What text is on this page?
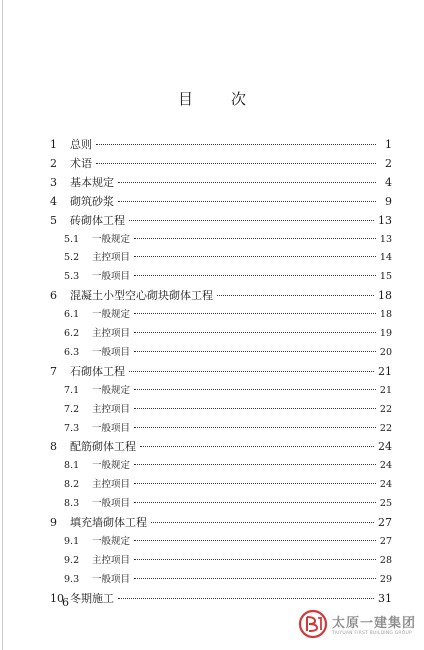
目	次
1	总则	1
2	术语	2
3	基本规定	4
4	砌筑砂浆	9
5	砖砌体工程	13
5.1	一般规定	13
5.2	主控项目	14
5.3	一般项目	15
6	混凝土小型空心砌块砌体工程	18
6.1	一般规定	18
6.2	主控项目	19
6.3	一般项目	20
7	石砌体工程	21
7.1	一般规定	21
7.2	主控项目	22
7.3	一般项目	22
8	配筋砌体工程	24
8.1	一般规定	24
8.2	主控项目	24
8.3	一般项目	25
9	填充墙砌体工程	27
9.1	一般规定	27
9.2	主控项目	28
9.3	一般项目	29
10 冬期施工	31
6
太原一建集团
TAIYUAN FIRST BUILDING GROUP
